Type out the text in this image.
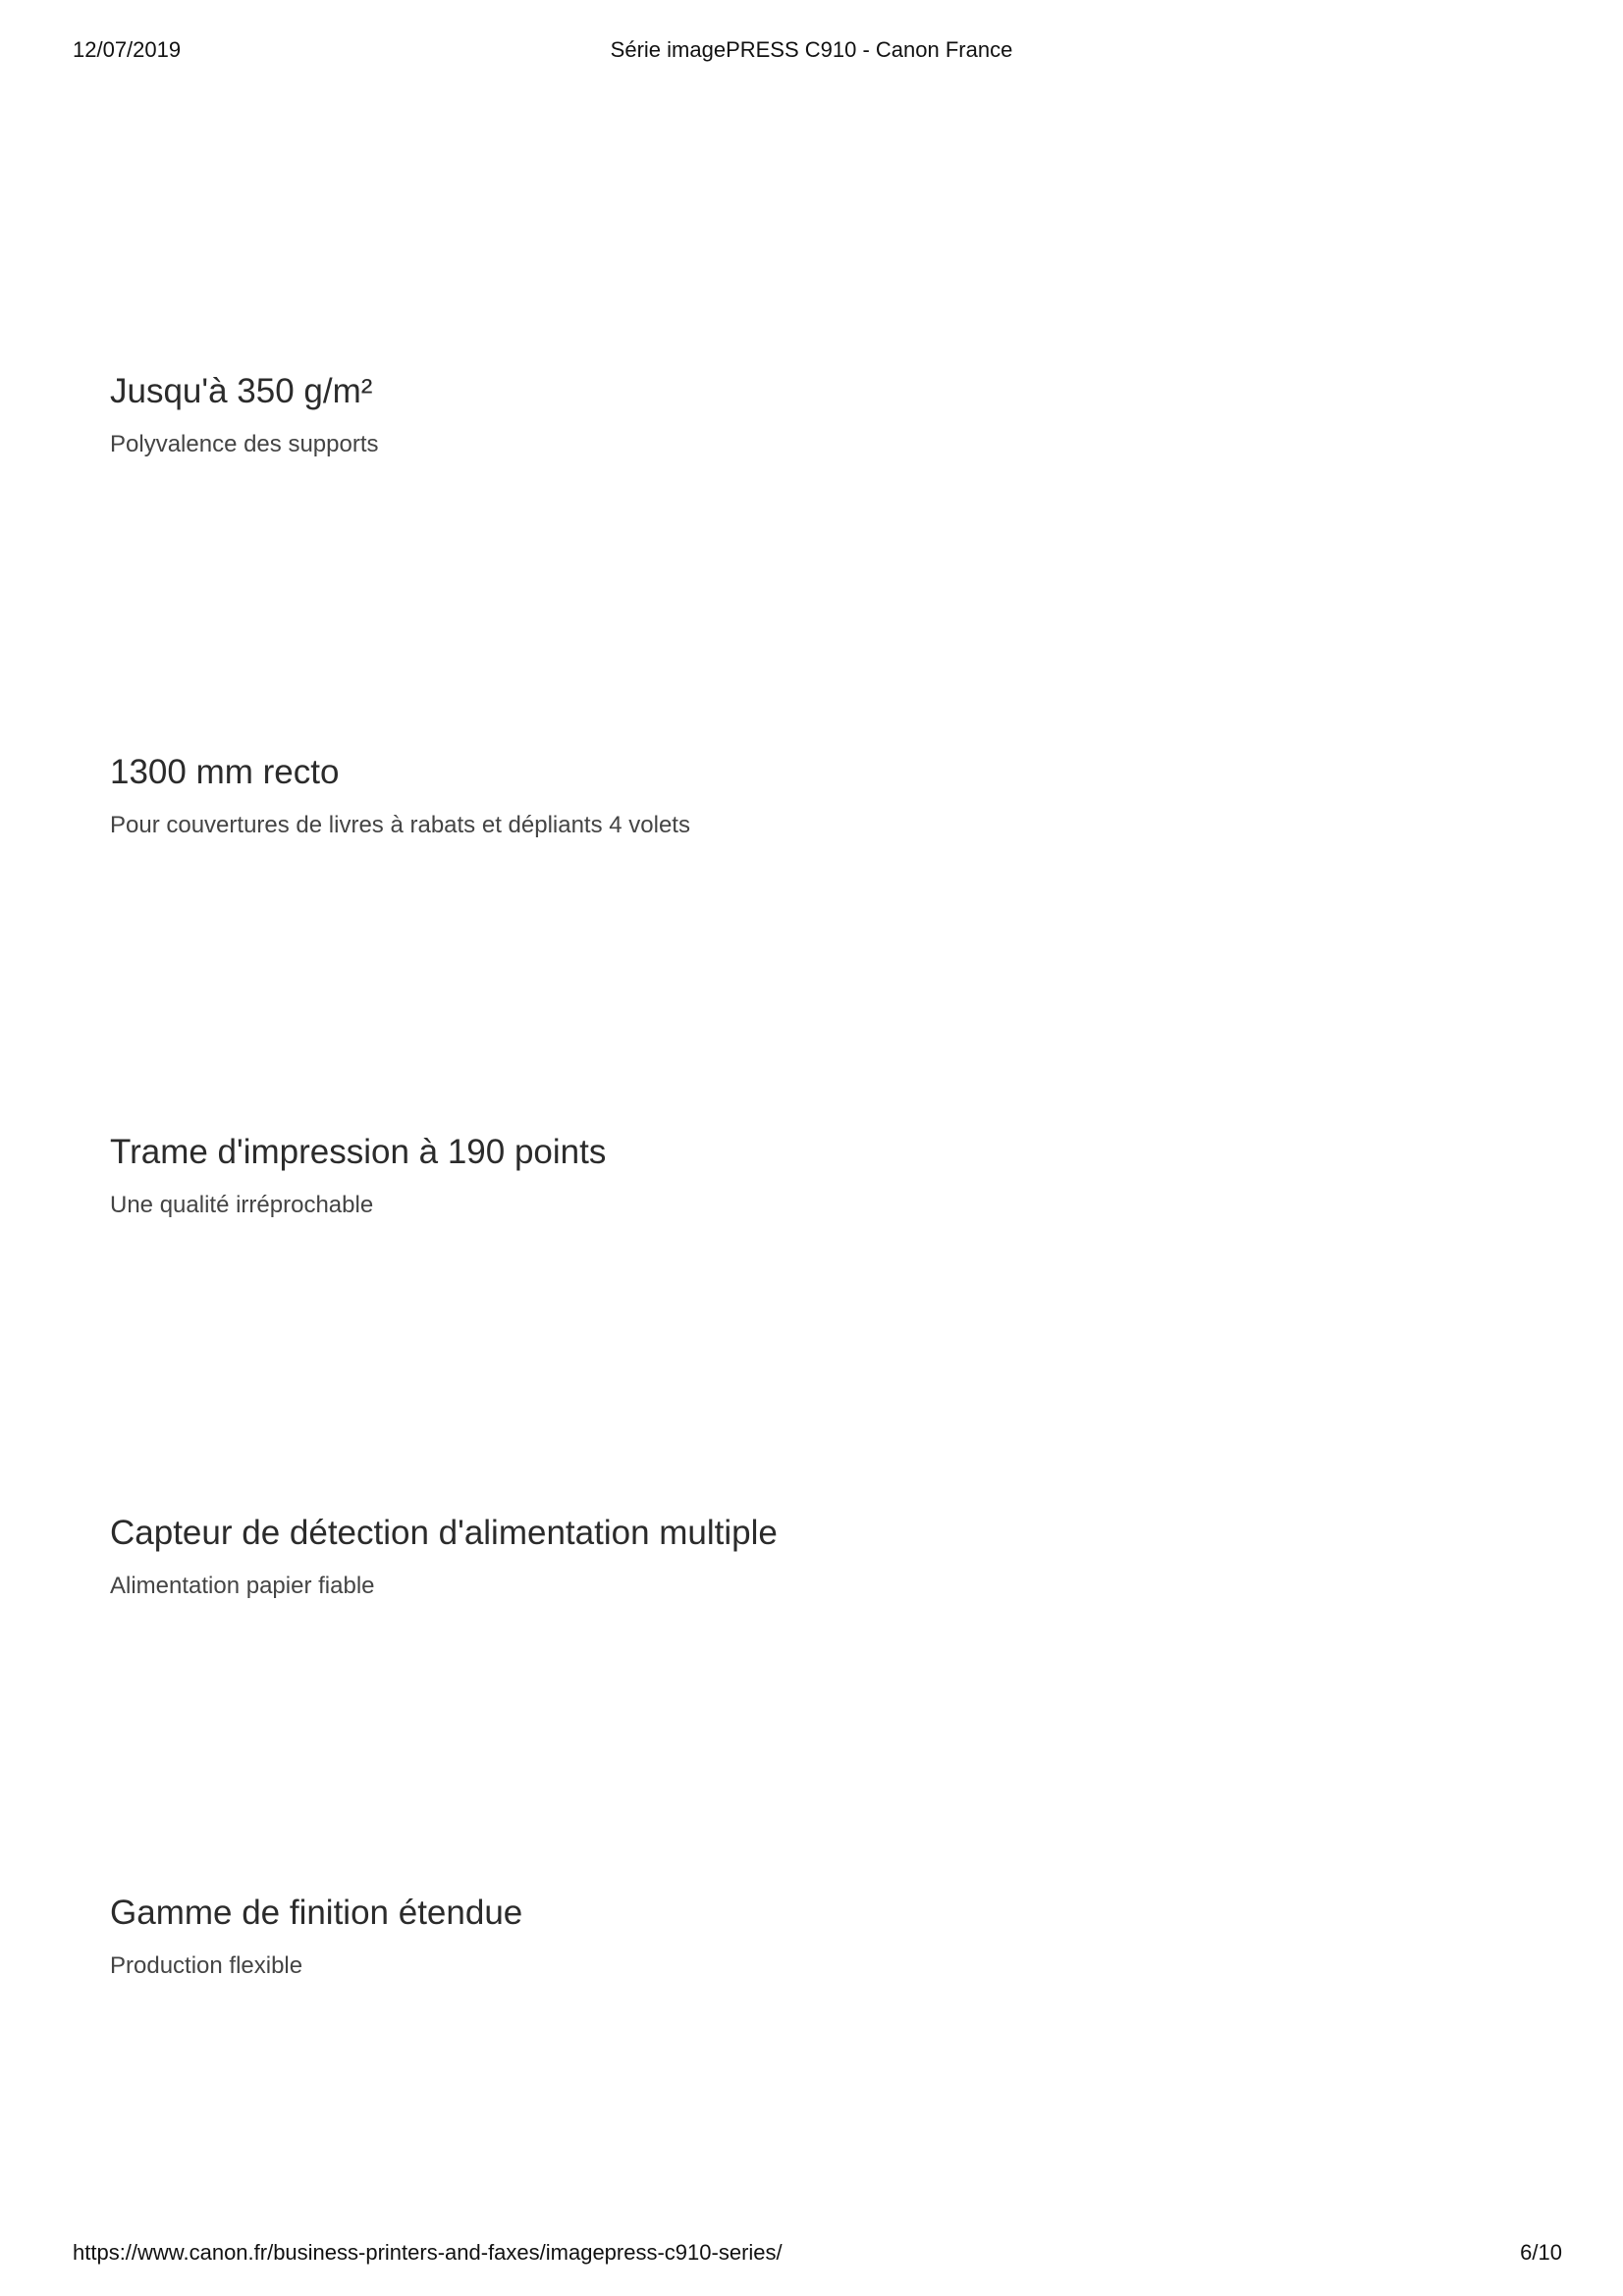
12/07/2019	Série imagePRESS C910 - Canon France
Jusqu'à 350 g/m²

Polyvalence des supports

1300 mm recto

Pour couvertures de livres à rabats et dépliants 4 volets

Trame d'impression à 190 points

Une qualité irréprochable

Capteur de détection d'alimentation multiple

Alimentation papier fiable

Gamme de finition étendue

Production flexible

https://www.canon.fr/business-printers-and-faxes/imagepress-c910-series/	6/10
